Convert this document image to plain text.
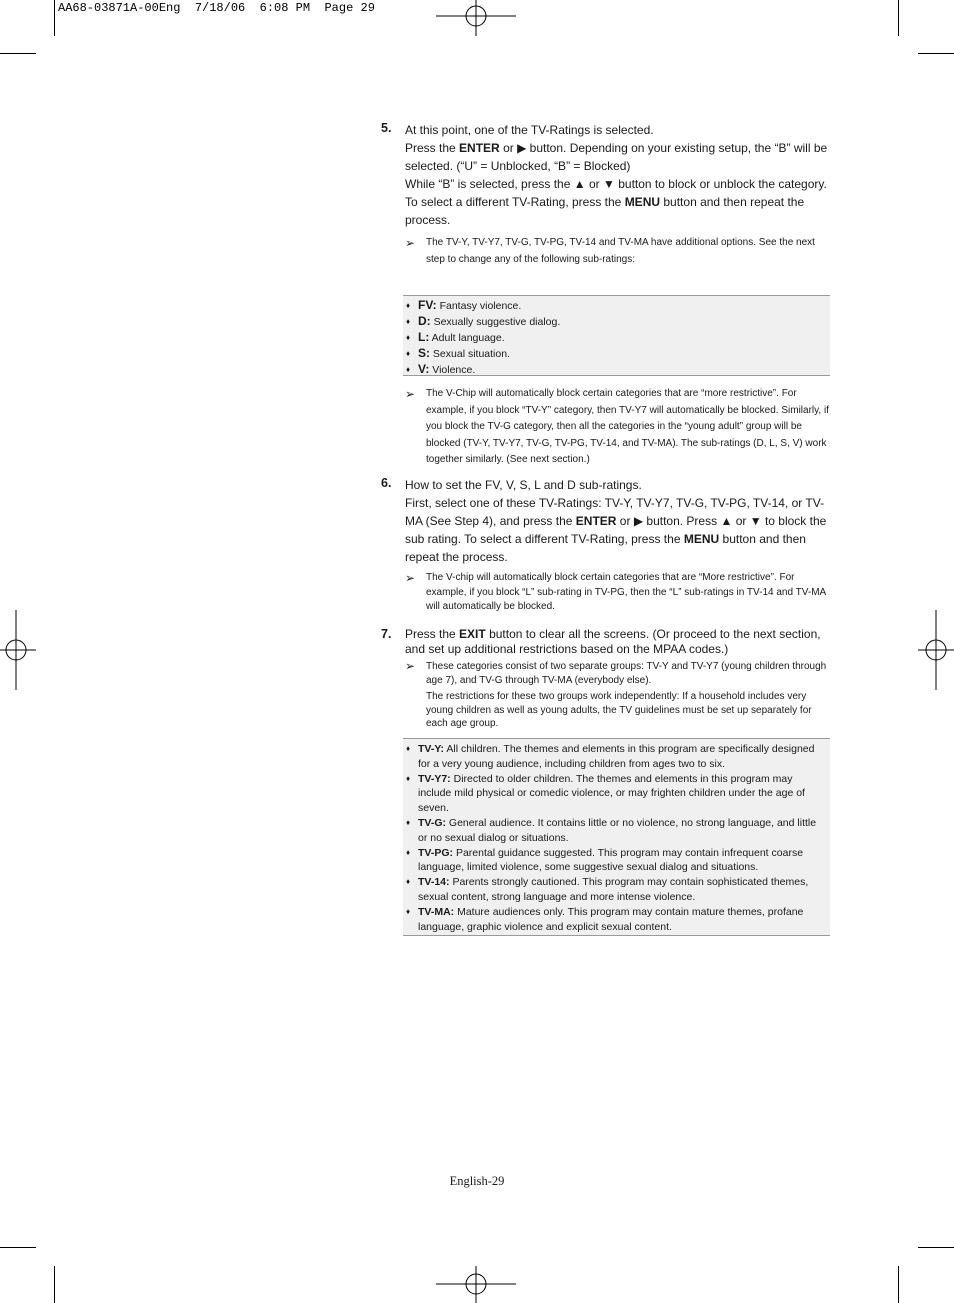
AA68-03871A-00Eng 7/18/06 6:08 PM Page 29
5. At this point, one of the TV-Ratings is selected.
Press the ENTER or ▶ button. Depending on your existing setup, the “B” will be selected. (“U” = Unblocked, “B” = Blocked)
While “B” is selected, press the ▲ or ▼ button to block or unblock the category.
To select a different TV-Rating, press the MENU button and then repeat the process.
➢ The TV-Y, TV-Y7, TV-G, TV-PG, TV-14 and TV-MA have additional options. See the next step to change any of the following sub-ratings:
♦ FV: Fantasy violence.
♦ D: Sexually suggestive dialog.
♦ L: Adult language.
♦ S: Sexual situation.
♦ V: Violence.
➢ The V-Chip will automatically block certain categories that are “more restrictive”. For example, if you block “TV-Y” category, then TV-Y7 will automatically be blocked. Similarly, if you block the TV-G category, then all the categories in the “young adult” group will be blocked (TV-Y, TV-Y7, TV-G, TV-PG, TV-14, and TV-MA). The sub-ratings (D, L, S, V) work together similarly. (See next section.)
6. How to set the FV, V, S, L and D sub-ratings.
First, select one of these TV-Ratings: TV-Y, TV-Y7, TV-G, TV-PG, TV-14, or TV-MA (See Step 4), and press the ENTER or ▶ button. Press ▲ or ▼ to block the sub rating. To select a different TV-Rating, press the MENU button and then repeat the process.
➢ The V-chip will automatically block certain categories that are “More restrictive”. For example, if you block “L” sub-rating in TV-PG, then the “L” sub-ratings in TV-14 and TV-MA will automatically be blocked.
7. Press the EXIT button to clear all the screens. (Or proceed to the next section, and set up additional restrictions based on the MPAA codes.)
➢ These categories consist of two separate groups: TV-Y and TV-Y7 (young children through age 7), and TV-G through TV-MA (everybody else).
The restrictions for these two groups work independently: If a household includes very young children as well as young adults, the TV guidelines must be set up separately for each age group.
♦ TV-Y: All children. The themes and elements in this program are specifically designed for a very young audience, including children from ages two to six.
♦ TV-Y7: Directed to older children. The themes and elements in this program may include mild physical or comedic violence, or may frighten children under the age of seven.
♦ TV-G: General audience. It contains little or no violence, no strong language, and little or no sexual dialog or situations.
♦ TV-PG: Parental guidance suggested. This program may contain infrequent coarse language, limited violence, some suggestive sexual dialog and situations.
♦ TV-14: Parents strongly cautioned. This program may contain sophisticated themes, sexual content, strong language and more intense violence.
♦ TV-MA: Mature audiences only. This program may contain mature themes, profane language, graphic violence and explicit sexual content.
English-29
